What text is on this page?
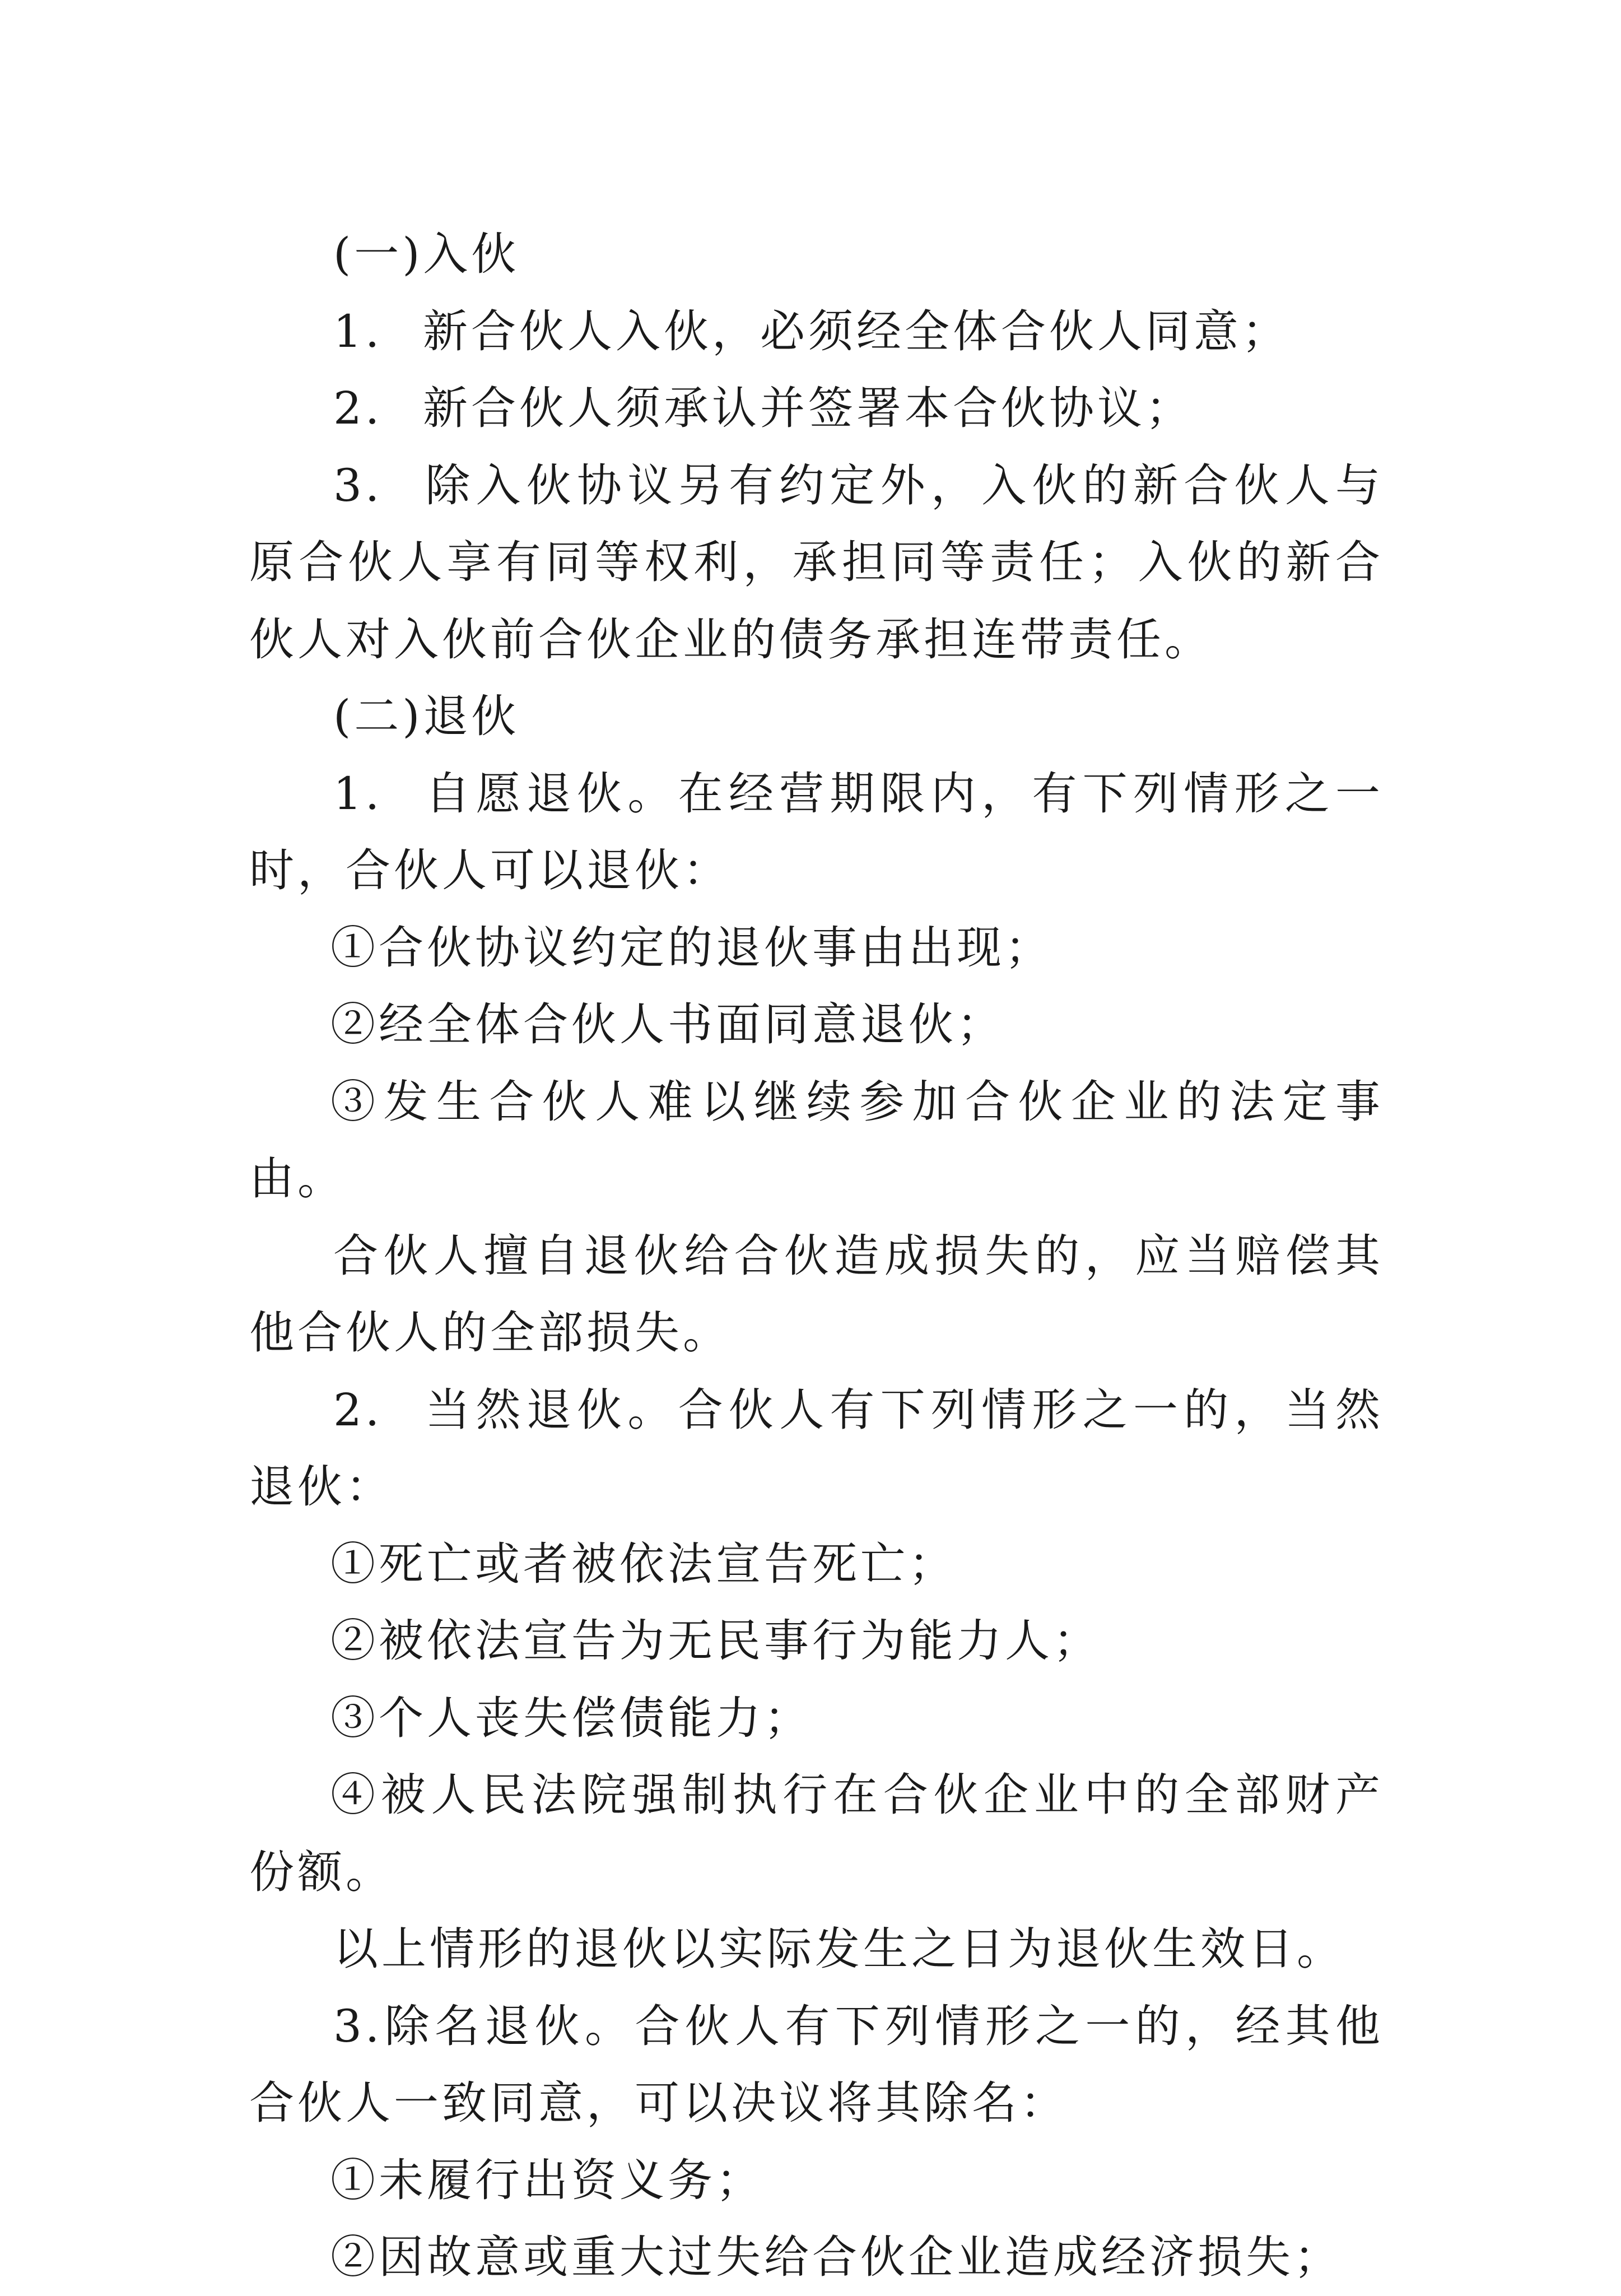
(一)入伙

1. 新合伙人入伙，必须经全体合伙人同意；

2. 新合伙人须承认并签署本合伙协议；

3. 除入伙协议另有约定外，入伙的新合伙人与原合伙人享有同等权利，承担同等责任；入伙的新合伙人对入伙前合伙企业的债务承担连带责任。

(二)退伙

1. 自愿退伙。在经营期限内，有下列情形之一时，合伙人可以退伙：

①合伙协议约定的退伙事由出现；

②经全体合伙人书面同意退伙；

③发生合伙人难以继续参加合伙企业的法定事由。

合伙人擅自退伙给合伙造成损失的，应当赔偿其他合伙人的全部损失。

2. 当然退伙。合伙人有下列情形之一的，当然退伙：

①死亡或者被依法宣告死亡；

②被依法宣告为无民事行为能力人；

③个人丧失偿债能力；

④被人民法院强制执行在合伙企业中的全部财产份额。

以上情形的退伙以实际发生之日为退伙生效日。

3.除名退伙。合伙人有下列情形之一的，经其他合伙人一致同意，可以决议将其除名：

①未履行出资义务；

②因故意或重大过失给合伙企业造成经济损失；
